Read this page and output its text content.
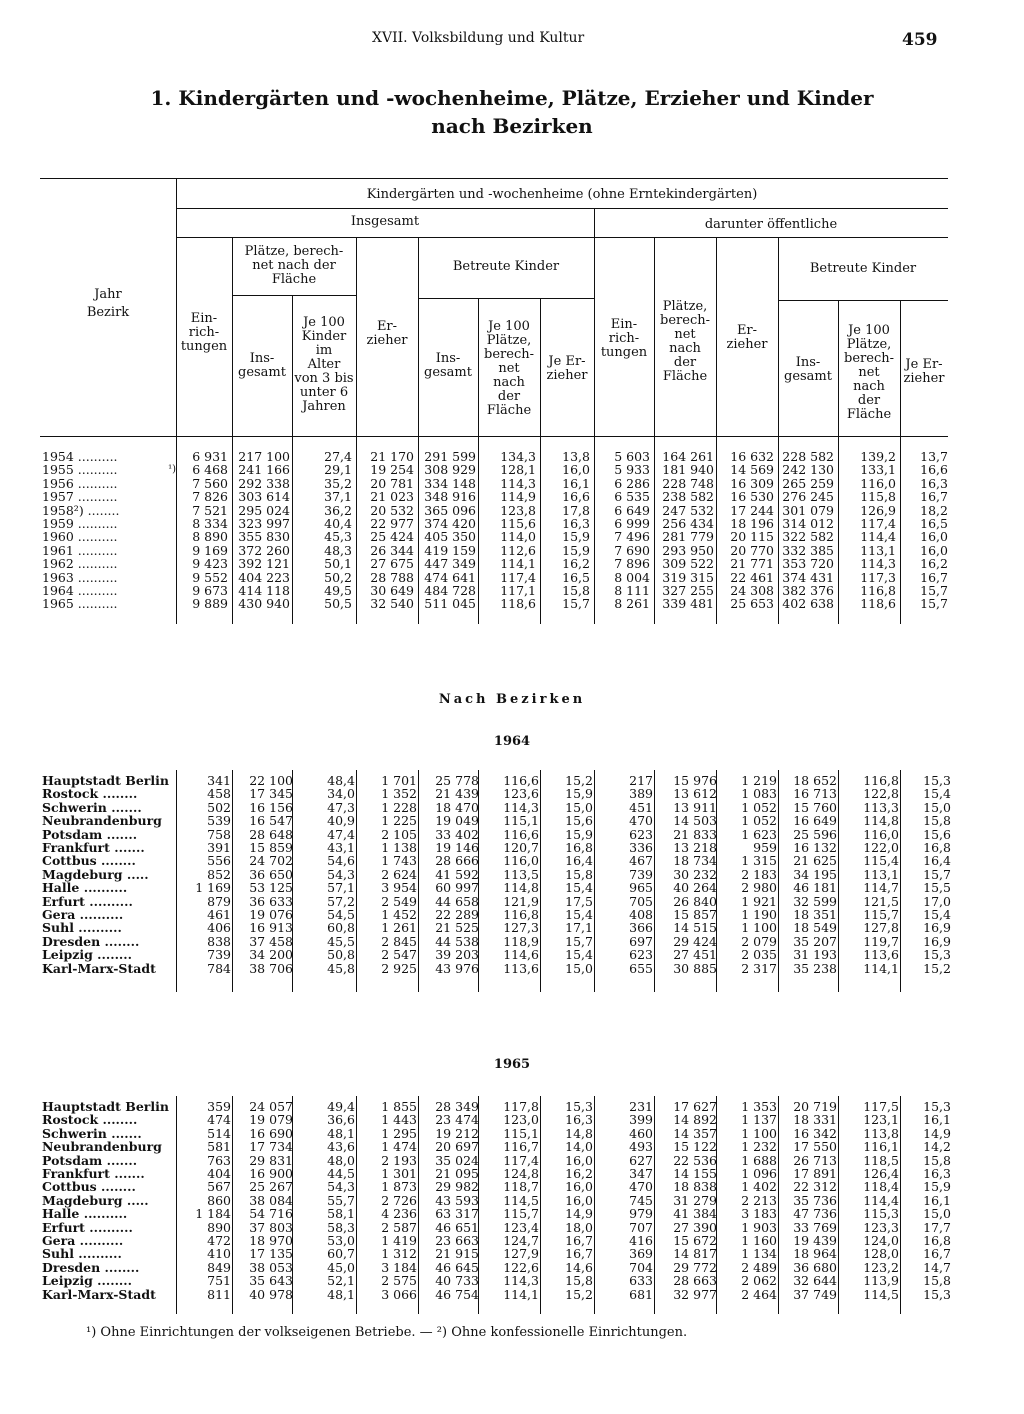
XVII. Volksbildung und Kultur	459
1. Kindergärten und -wochenheime, Plätze, Erzieher und Kinder
nach Bezirken
Jahr
Bezirk
Kindergärten und -wochenheime (ohne Erntekindergärten)
Insgesamt	darunter öffentliche
Ein-
rich-
tungen
Plätze, berech-
net nach der
Fläche
Ins-
gesamt
Je 100
Kinder
im
Alter
von 3 bis
unter 6
Jahren
Er-
zieher
Betreute Kinder
Ins-
gesamt
Je 100
Plätze,
berech-
net
nach
der
Fläche
Je Er-
zieher
Ein-
rich-
tungen
Plätze,
berech-
net
nach
der
Fläche
Er-
zieher
Betreute Kinder
Ins-
gesamt
Je 100
Plätze,
berech-
net
nach
der
Fläche
Je Er-
zieher
1954 ..........		6 931	217 100	27,4	21 170	291 599	134,3	13,8	5 603	164 261	16 632	228 582	139,2	13,7
1955 ..........	¹)	6 468	241 166	29,1	19 254	308 929	128,1	16,0	5 933	181 940	14 569	242 130	133,1	16,6
1956 ..........		7 560	292 338	35,2	20 781	334 148	114,3	16,1	6 286	228 748	16 309	265 259	116,0	16,3
1957 ..........		7 826	303 614	37,1	21 023	348 916	114,9	16,6	6 535	238 582	16 530	276 245	115,8	16,7
1958²) ........		7 521	295 024	36,2	20 532	365 096	123,8	17,8	6 649	247 532	17 244	301 079	126,9	18,2
1959 ..........		8 334	323 997	40,4	22 977	374 420	115,6	16,3	6 999	256 434	18 196	314 012	117,4	16,5
1960 ..........		8 890	355 830	45,3	25 424	405 350	114,0	15,9	7 496	281 779	20 115	322 582	114,4	16,0
1961 ..........		9 169	372 260	48,3	26 344	419 159	112,6	15,9	7 690	293 950	20 770	332 385	113,1	16,0
1962 ..........		9 423	392 121	50,1	27 675	447 349	114,1	16,2	7 896	309 522	21 771	353 720	114,3	16,2
1963 ..........		9 552	404 223	50,2	28 788	474 641	117,4	16,5	8 004	319 315	22 461	374 431	117,3	16,7
1964 ..........		9 673	414 118	49,5	30 649	484 728	117,1	15,8	8 111	327 255	24 308	382 376	116,8	15,7
1965 ..........		9 889	430 940	50,5	32 540	511 045	118,6	15,7	8 261	339 481	25 653	402 638	118,6	15,7
Nach Bezirken
1964
Hauptstadt Berlin		341	22 100	48,4	1 701	25 778	116,6	15,2	217	15 976	1 219	18 652	116,8	15,3
Rostock ........		458	17 345	34,0	1 352	21 439	123,6	15,9	389	13 612	1 083	16 713	122,8	15,4
Schwerin .......		502	16 156	47,3	1 228	18 470	114,3	15,0	451	13 911	1 052	15 760	113,3	15,0
Neubrandenburg		539	16 547	40,9	1 225	19 049	115,1	15,6	470	14 503	1 052	16 649	114,8	15,8
Potsdam .......		758	28 648	47,4	2 105	33 402	116,6	15,9	623	21 833	1 623	25 596	116,0	15,6
Frankfurt .......		391	15 859	43,1	1 138	19 146	120,7	16,8	336	13 218	959	16 132	122,0	16,8
Cottbus ........		556	24 702	54,6	1 743	28 666	116,0	16,4	467	18 734	1 315	21 625	115,4	16,4
Magdeburg .....		852	36 650	54,3	2 624	41 592	113,5	15,8	739	30 232	2 183	34 195	113,1	15,7
Halle ..........		1 169	53 125	57,1	3 954	60 997	114,8	15,4	965	40 264	2 980	46 181	114,7	15,5
Erfurt ..........		879	36 633	57,2	2 549	44 658	121,9	17,5	705	26 840	1 921	32 599	121,5	17,0
Gera ..........		461	19 076	54,5	1 452	22 289	116,8	15,4	408	15 857	1 190	18 351	115,7	15,4
Suhl ..........		406	16 913	60,8	1 261	21 525	127,3	17,1	366	14 515	1 100	18 549	127,8	16,9
Dresden ........		838	37 458	45,5	2 845	44 538	118,9	15,7	697	29 424	2 079	35 207	119,7	16,9
Leipzig ........		739	34 200	50,8	2 547	39 203	114,6	15,4	623	27 451	2 035	31 193	113,6	15,3
Karl-Marx-Stadt		784	38 706	45,8	2 925	43 976	113,6	15,0	655	30 885	2 317	35 238	114,1	15,2
1965
Hauptstadt Berlin		359	24 057	49,4	1 855	28 349	117,8	15,3	231	17 627	1 353	20 719	117,5	15,3
Rostock ........		474	19 079	36,6	1 443	23 474	123,0	16,3	399	14 892	1 137	18 331	123,1	16,1
Schwerin .......		514	16 690	48,1	1 295	19 212	115,1	14,8	460	14 357	1 100	16 342	113,8	14,9
Neubrandenburg		581	17 734	43,6	1 474	20 697	116,7	14,0	493	15 122	1 232	17 550	116,1	14,2
Potsdam .......		763	29 831	48,0	2 193	35 024	117,4	16,0	627	22 536	1 688	26 713	118,5	15,8
Frankfurt .......		404	16 900	44,5	1 301	21 095	124,8	16,2	347	14 155	1 096	17 891	126,4	16,3
Cottbus ........		567	25 267	54,3	1 873	29 982	118,7	16,0	470	18 838	1 402	22 312	118,4	15,9
Magdeburg .....		860	38 084	55,7	2 726	43 593	114,5	16,0	745	31 279	2 213	35 736	114,4	16,1
Halle ..........		1 184	54 716	58,1	4 236	63 317	115,7	14,9	979	41 384	3 183	47 736	115,3	15,0
Erfurt ..........		890	37 803	58,3	2 587	46 651	123,4	18,0	707	27 390	1 903	33 769	123,3	17,7
Gera ..........		472	18 970	53,0	1 419	23 663	124,7	16,7	416	15 672	1 160	19 439	124,0	16,8
Suhl ..........		410	17 135	60,7	1 312	21 915	127,9	16,7	369	14 817	1 134	18 964	128,0	16,7
Dresden ........		849	38 053	45,0	3 184	46 645	122,6	14,6	704	29 772	2 489	36 680	123,2	14,7
Leipzig ........		751	35 643	52,1	2 575	40 733	114,3	15,8	633	28 663	2 062	32 644	113,9	15,8
Karl-Marx-Stadt		811	40 978	48,1	3 066	46 754	114,1	15,2	681	32 977	2 464	37 749	114,5	15,3
¹) Ohne Einrichtungen der volkseigenen Betriebe. — ²) Ohne konfessionelle Einrichtungen.
